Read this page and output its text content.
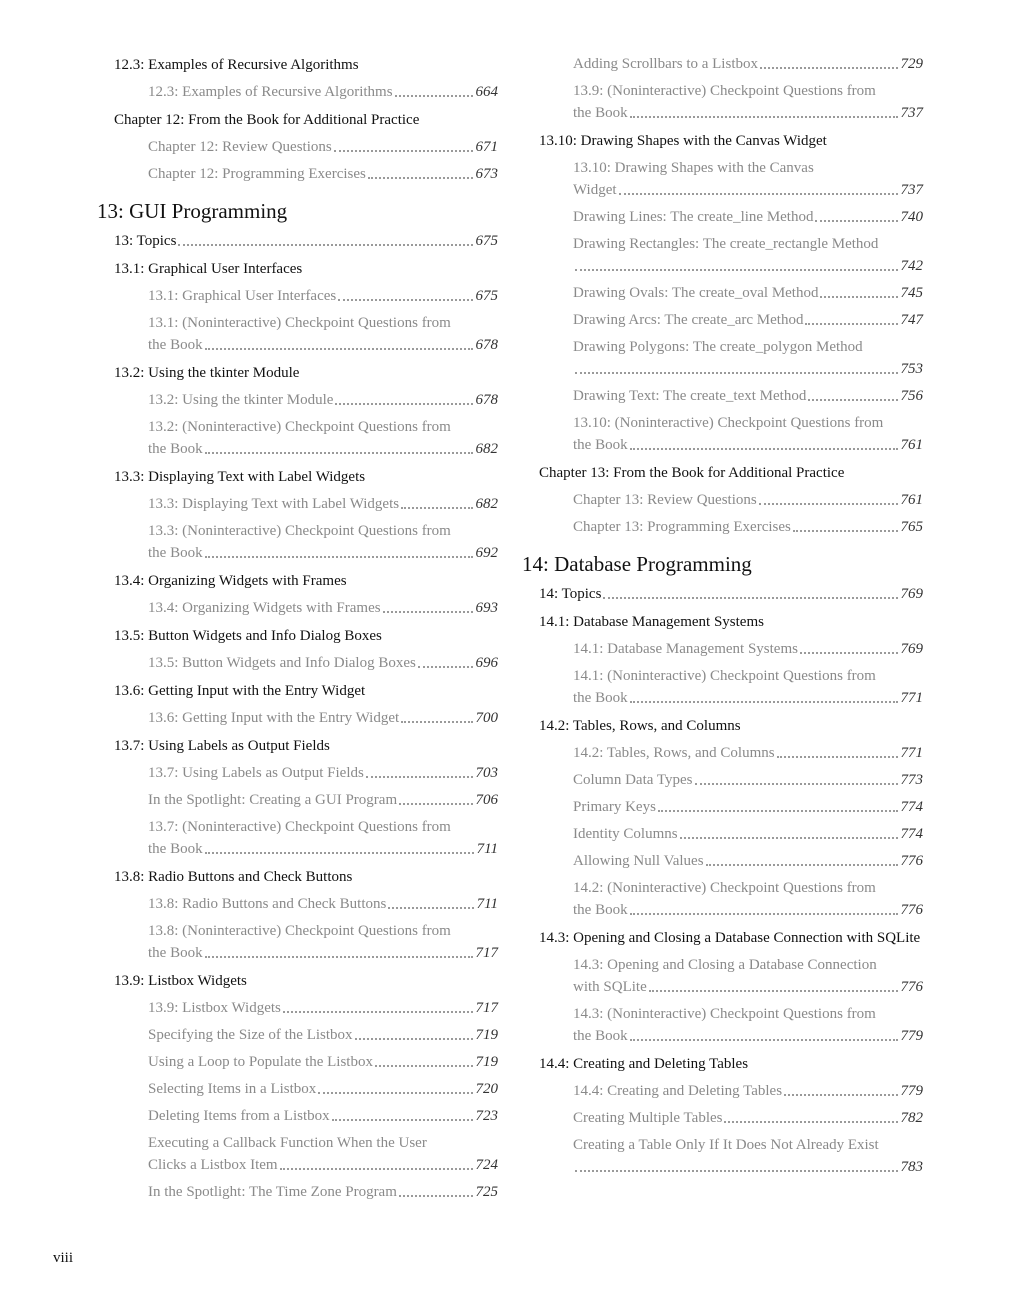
12.3: Examples of Recursive Algorithms
12.3: Examples of Recursive Algorithms	664
Chapter 12: From the Book for Additional Practice
Chapter 12: Review Questions	671
Chapter 12: Programming Exercises	673
13: GUI Programming
13: Topics	675
13.1: Graphical User Interfaces
13.1: Graphical User Interfaces	675
13.1: (Noninteractive) Checkpoint Questions from
the Book	678
13.2: Using the tkinter Module
13.2: Using the tkinter Module	678
13.2: (Noninteractive) Checkpoint Questions from
the Book	682
13.3: Displaying Text with Label Widgets
13.3: Displaying Text with Label Widgets	682
13.3: (Noninteractive) Checkpoint Questions from
the Book	692
13.4: Organizing Widgets with Frames
13.4: Organizing Widgets with Frames	693
13.5: Button Widgets and Info Dialog Boxes
13.5: Button Widgets and Info Dialog Boxes	696
13.6: Getting Input with the Entry Widget
13.6: Getting Input with the Entry Widget	700
13.7: Using Labels as Output Fields
13.7: Using Labels as Output Fields	703
In the Spotlight: Creating a GUI Program	706
13.7: (Noninteractive) Checkpoint Questions from
the Book	711
13.8: Radio Buttons and Check Buttons
13.8: Radio Buttons and Check Buttons	711
13.8: (Noninteractive) Checkpoint Questions from
the Book	717
13.9: Listbox Widgets
13.9: Listbox Widgets	717
Specifying the Size of the Listbox	719
Using a Loop to Populate the Listbox	719
Selecting Items in a Listbox	720
Deleting Items from a Listbox	723
Executing a Callback Function When the User
Clicks a Listbox Item	724
In the Spotlight: The Time Zone Program	725
Adding Scrollbars to a Listbox	729
13.9: (Noninteractive) Checkpoint Questions from
the Book	737
13.10: Drawing Shapes with the Canvas Widget
13.10: Drawing Shapes with the Canvas
Widget	737
Drawing Lines: The create_line Method	740
Drawing Rectangles: The create_rectangle Method
742
Drawing Ovals: The create_oval Method	745
Drawing Arcs: The create_arc Method	747
Drawing Polygons: The create_polygon Method
753
Drawing Text: The create_text Method	756
13.10: (Noninteractive) Checkpoint Questions from
the Book	761
Chapter 13: From the Book for Additional Practice
Chapter 13: Review Questions	761
Chapter 13: Programming Exercises	765
14: Database Programming
14: Topics	769
14.1: Database Management Systems
14.1: Database Management Systems	769
14.1: (Noninteractive) Checkpoint Questions from
the Book	771
14.2: Tables, Rows, and Columns
14.2: Tables, Rows, and Columns	771
Column Data Types	773
Primary Keys	774
Identity Columns	774
Allowing Null Values	776
14.2: (Noninteractive) Checkpoint Questions from
the Book	776
14.3: Opening and Closing a Database Connection with SQLite
14.3: Opening and Closing a Database Connection
with SQLite	776
14.3: (Noninteractive) Checkpoint Questions from
the Book	779
14.4: Creating and Deleting Tables
14.4: Creating and Deleting Tables	779
Creating Multiple Tables	782
Creating a Table Only If It Does Not Already Exist
783
viii
